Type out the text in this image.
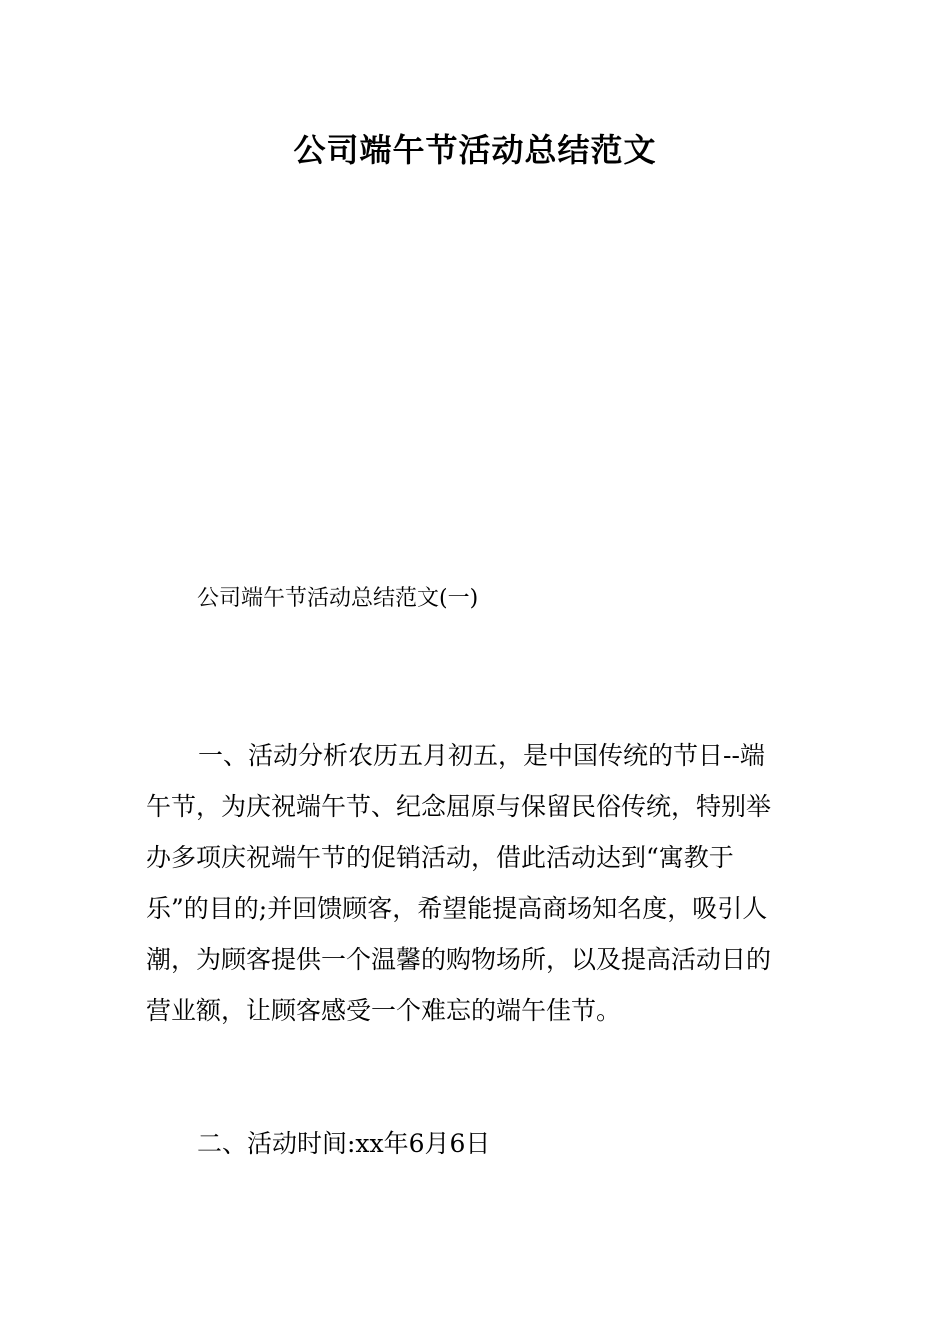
公司端午节活动总结范文
公司端午节活动总结范文(一)
一、活动分析农历五月初五，是中国传统的节日--端
午节，为庆祝端午节、纪念屈原与保留民俗传统，特别举
办多项庆祝端午节的促销活动，借此活动达到“寓教于
乐”的目的;并回馈顾客，希望能提高商场知名度，吸引人
潮，为顾客提供一个温馨的购物场所，以及提高活动日的
营业额，让顾客感受一个难忘的端午佳节。
二、活动时间:xx年6月6日
